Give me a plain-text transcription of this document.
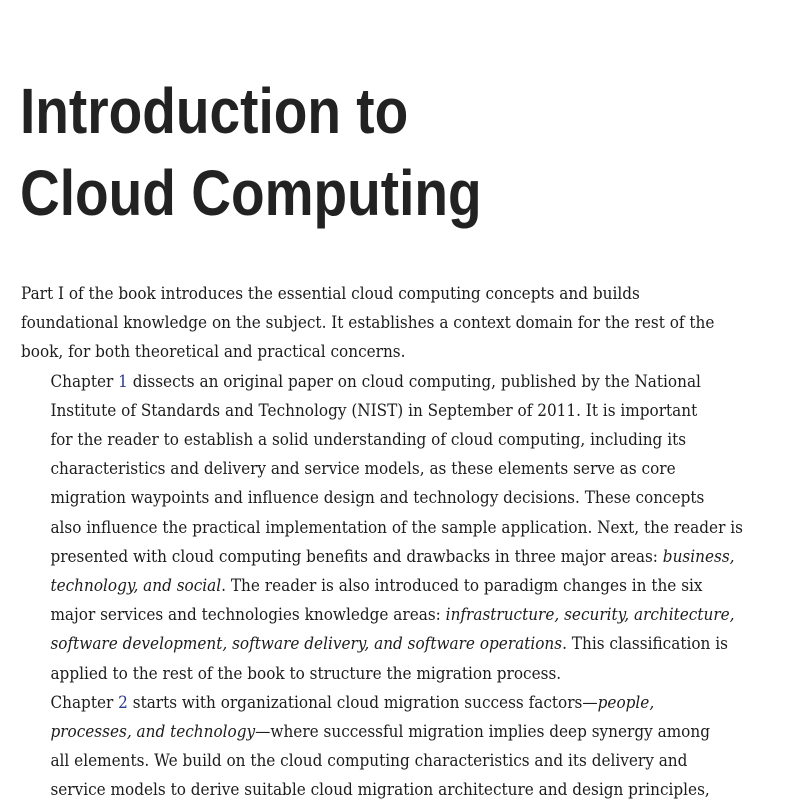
Introduction to
Cloud Computing

Part I of the book introduces the essential cloud computing concepts and builds
foundational knowledge on the subject. It establishes a context domain for the rest of the
book, for both theoretical and practical concerns.

Chapter 1 dissects an original paper on cloud computing, published by the National
Institute of Standards and Technology (NIST) in September of 2011. It is important
for the reader to establish a solid understanding of cloud computing, including its
characteristics and delivery and service models, as these elements serve as core
migration waypoints and influence design and technology decisions. These concepts
also influence the practical implementation of the sample application. Next, the reader is
presented with cloud computing benefits and drawbacks in three major areas: business,
technology, and social. The reader is also introduced to paradigm changes in the six
major services and technologies knowledge areas: infrastructure, security, architecture,
software development, software delivery, and software operations. This classification is
applied to the rest of the book to structure the migration process.

Chapter 2 starts with organizational cloud migration success factors—people,
processes, and technology—where successful migration implies deep synergy among
all elements. We build on the cloud computing characteristics and its delivery and
service models to derive suitable cloud migration architecture and design principles,
